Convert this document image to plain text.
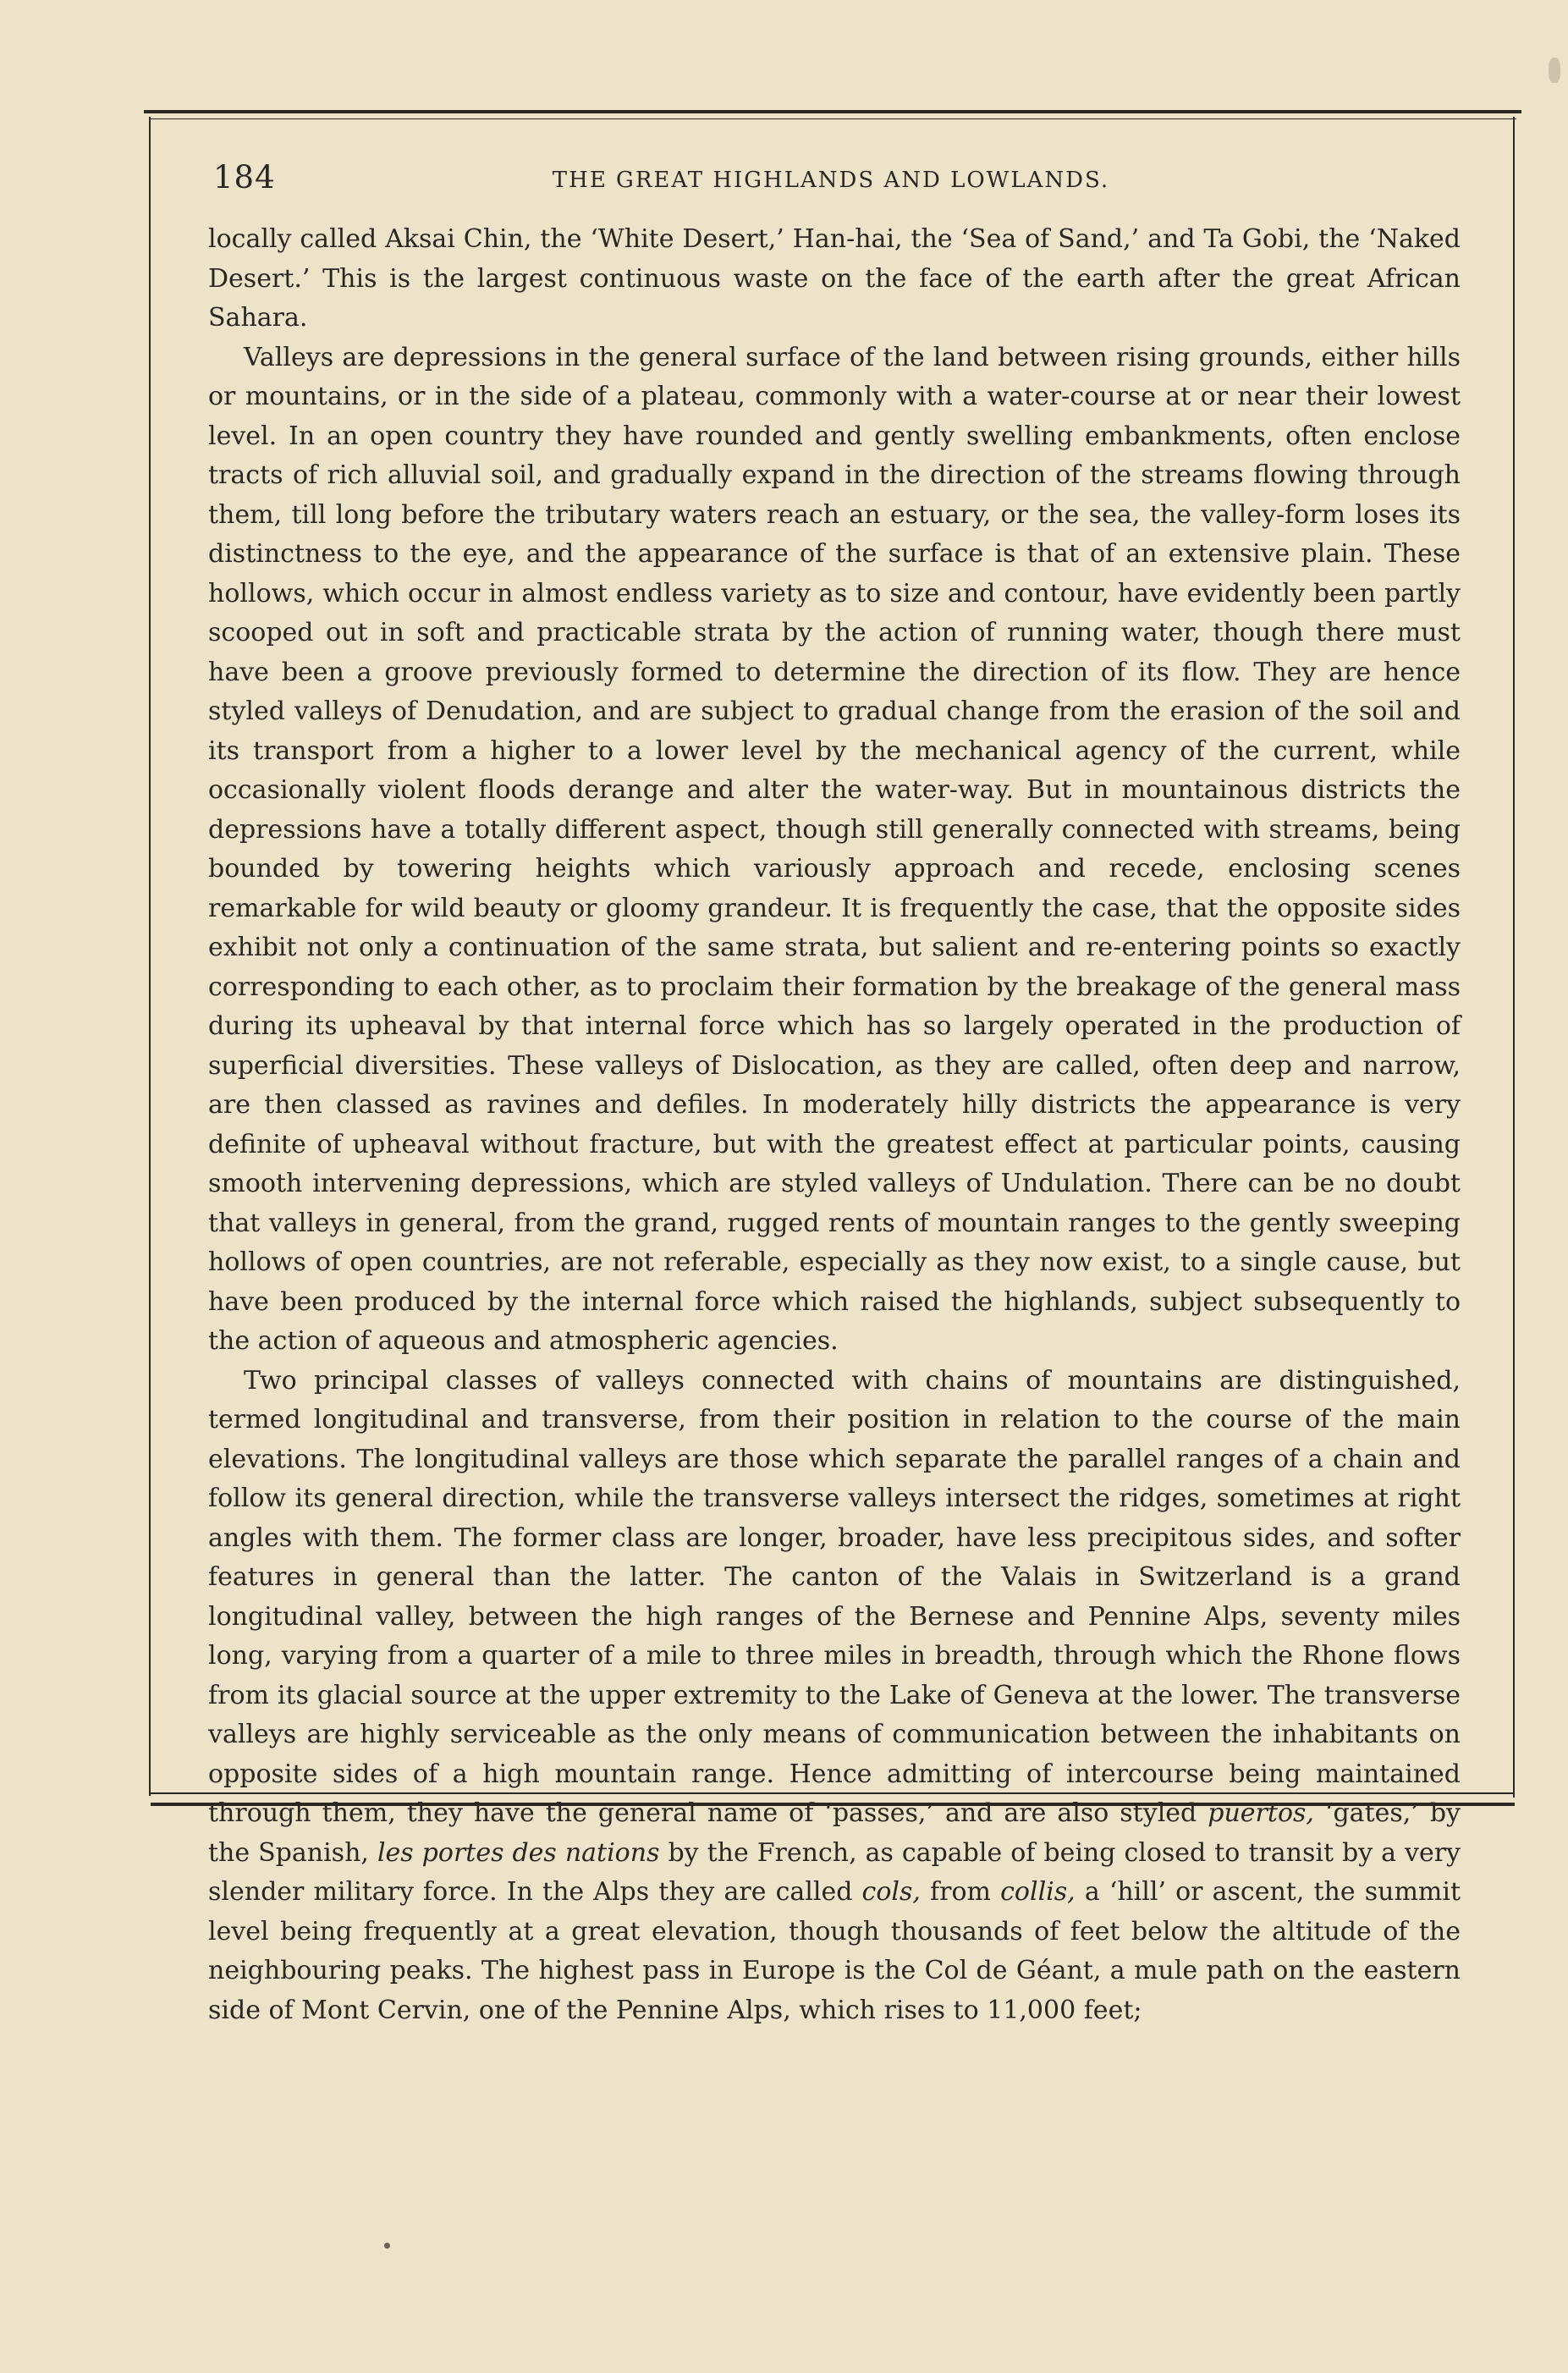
184	THE GREAT HIGHLANDS AND LOWLANDS.

locally called Aksai Chin, the ‘White Desert,’ Han-hai, the ‘Sea of Sand,’ and Ta Gobi, the ‘Naked Desert.’ This is the largest continuous waste on the face of the earth after the great African Sahara.

Valleys are depressions in the general surface of the land between rising grounds, either hills or mountains, or in the side of a plateau, commonly with a water-course at or near their lowest level. In an open country they have rounded and gently swelling embankments, often enclose tracts of rich alluvial soil, and gradually expand in the direction of the streams flowing through them, till long before the tributary waters reach an estuary, or the sea, the valley-form loses its distinctness to the eye, and the appearance of the surface is that of an extensive plain. These hollows, which occur in almost endless variety as to size and contour, have evidently been partly scooped out in soft and practicable strata by the action of running water, though there must have been a groove previously formed to determine the direction of its flow. They are hence styled valleys of Denudation, and are subject to gradual change from the erasion of the soil and its transport from a higher to a lower level by the mechanical agency of the current, while occasionally violent floods derange and alter the water-way. But in mountainous districts the depressions have a totally different aspect, though still generally connected with streams, being bounded by towering heights which variously approach and recede, enclosing scenes remarkable for wild beauty or gloomy grandeur. It is frequently the case, that the opposite sides exhibit not only a continuation of the same strata, but salient and re-entering points so exactly corresponding to each other, as to proclaim their formation by the breakage of the general mass during its upheaval by that internal force which has so largely operated in the production of superficial diversities. These valleys of Dislocation, as they are called, often deep and narrow, are then classed as ravines and defiles. In moderately hilly districts the appearance is very definite of upheaval without fracture, but with the greatest effect at particular points, causing smooth intervening depressions, which are styled valleys of Undulation. There can be no doubt that valleys in general, from the grand, rugged rents of mountain ranges to the gently sweeping hollows of open countries, are not referable, especially as they now exist, to a single cause, but have been produced by the internal force which raised the highlands, subject subsequently to the action of aqueous and atmospheric agencies.

Two principal classes of valleys connected with chains of mountains are distinguished, termed longitudinal and transverse, from their position in relation to the course of the main elevations. The longitudinal valleys are those which separate the parallel ranges of a chain and follow its general direction, while the transverse valleys intersect the ridges, sometimes at right angles with them. The former class are longer, broader, have less precipitous sides, and softer features in general than the latter. The canton of the Valais in Switzerland is a grand longitudinal valley, between the high ranges of the Bernese and Pennine Alps, seventy miles long, varying from a quarter of a mile to three miles in breadth, through which the Rhone flows from its glacial source at the upper extremity to the Lake of Geneva at the lower. The transverse valleys are highly serviceable as the only means of communication between the inhabitants on opposite sides of a high mountain range. Hence admitting of intercourse being maintained through them, they have the general name of ‘passes,’ and are also styled puertos, ‘gates,’ by the Spanish, les portes des nations by the French, as capable of being closed to transit by a very slender military force. In the Alps they are called cols, from collis, a ‘hill’ or ascent, the summit level being frequently at a great elevation, though thousands of feet below the altitude of the neighbouring peaks. The highest pass in Europe is the Col de Géant, a mule path on the eastern side of Mont Cervin, one of the Pennine Alps, which rises to 11,000 feet;
